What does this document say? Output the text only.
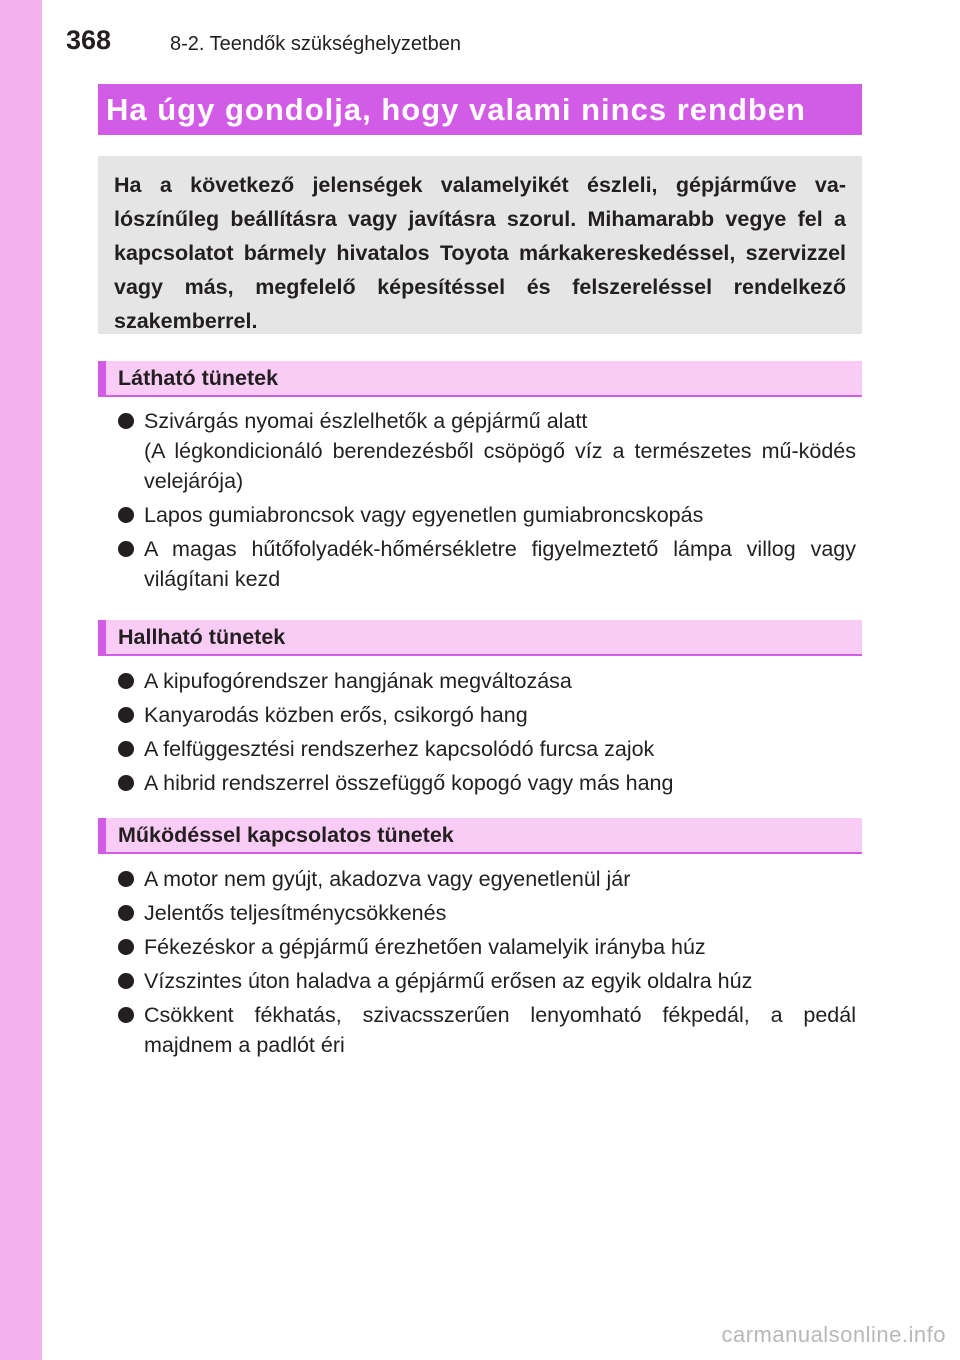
368	8-2. Teendők szükséghelyzetben
Ha úgy gondolja, hogy valami nincs rendben
Ha a következő jelenségek valamelyikét észleli, gépjárműve va-lószínűleg beállításra vagy javításra szorul. Mihamarabb vegye fel a kapcsolatot bármely hivatalos Toyota márkakereskedéssel, szervizzel vagy más, megfelelő képesítéssel és felszereléssel rendelkező szakemberrel.
Látható tünetek
Szivárgás nyomai észlelhetők a gépjármű alatt
(A légkondicionáló berendezésből csöpögő víz a természetes mű-ködés velejárója)
Lapos gumiabroncsok vagy egyenetlen gumiabroncskopás
A magas hűtőfolyadék-hőmérsékletre figyelmeztető lámpa villog vagy világítani kezd
Hallható tünetek
A kipufogórendszer hangjának megváltozása
Kanyarodás közben erős, csikorgó hang
A felfüggesztési rendszerhez kapcsolódó furcsa zajok
A hibrid rendszerrel összefüggő kopogó vagy más hang
Működéssel kapcsolatos tünetek
A motor nem gyújt, akadozva vagy egyenetlenül jár
Jelentős teljesítménycsökkenés
Fékezéskor a gépjármű érezhetően valamelyik irányba húz
Vízszintes úton haladva a gépjármű erősen az egyik oldalra húz
Csökkent fékhatás, szivacsszerűen lenyomható fékpedál, a pedál majdnem a padlót éri
carmanualsonline.info
